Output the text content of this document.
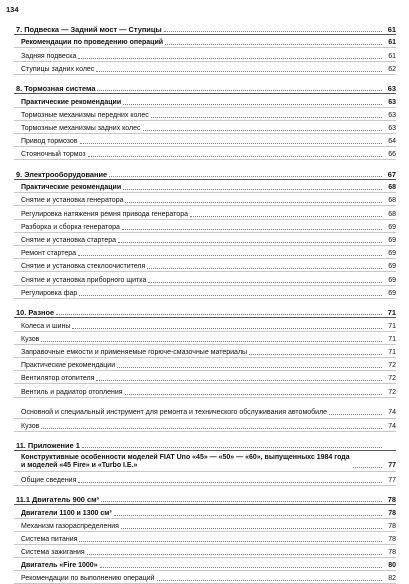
134
7. Подвеска — Задний мост — Ступицы	61
Рекомендации по проведению операций	61
Задняя подвеска	61
Ступицы задних колес	62
8. Тормозная система	63
Практические рекомендации	63
Тормозные механизмы передних колес	63
Тормозные механизмы задних колес	63
Привод тормозов	64
Стояночный тормоз	66
9. Электрооборудование	67
Практические рекомендации	68
Снятие и установка генератора	68
Регулировка натяжения ремня привода генератора	68
Разборка и сборка генератора	69
Снятие и установка стартера	69
Ремонт стартера	69
Снятие и установка стеклоочистителя	69
Снятие и установка приборного щитка	69
Регулировка фар	69
10. Разное	71
Колеса и шины	71
Кузов	71
Заправочные емкости и применяемые горюче-смазочные материалы	71
Практические рекомендации	72
Вентилятор отопителя	72
Вентиль и радиатор отопления	72
Основной и специальный инструмент для ремонта и технического обслуживания автомобиле	74
Кузов	74
11. Приложение 1
Конструктивные особенности моделей FIAT Uno «45» — «50» — «60», выпущенныхс 1984 года и моделей «45 Fire» и «Turbo I.E.»	77
Общие сведения	77
11.1 Двигатель 900 см³	78
Двигатели 1100 и 1300 см³	78
Механизм газораспределения	78
Система питания	78
Система зажигания	78
Двигатель «Fire 1000»	80
Рекомендации по выполнению операций	82
